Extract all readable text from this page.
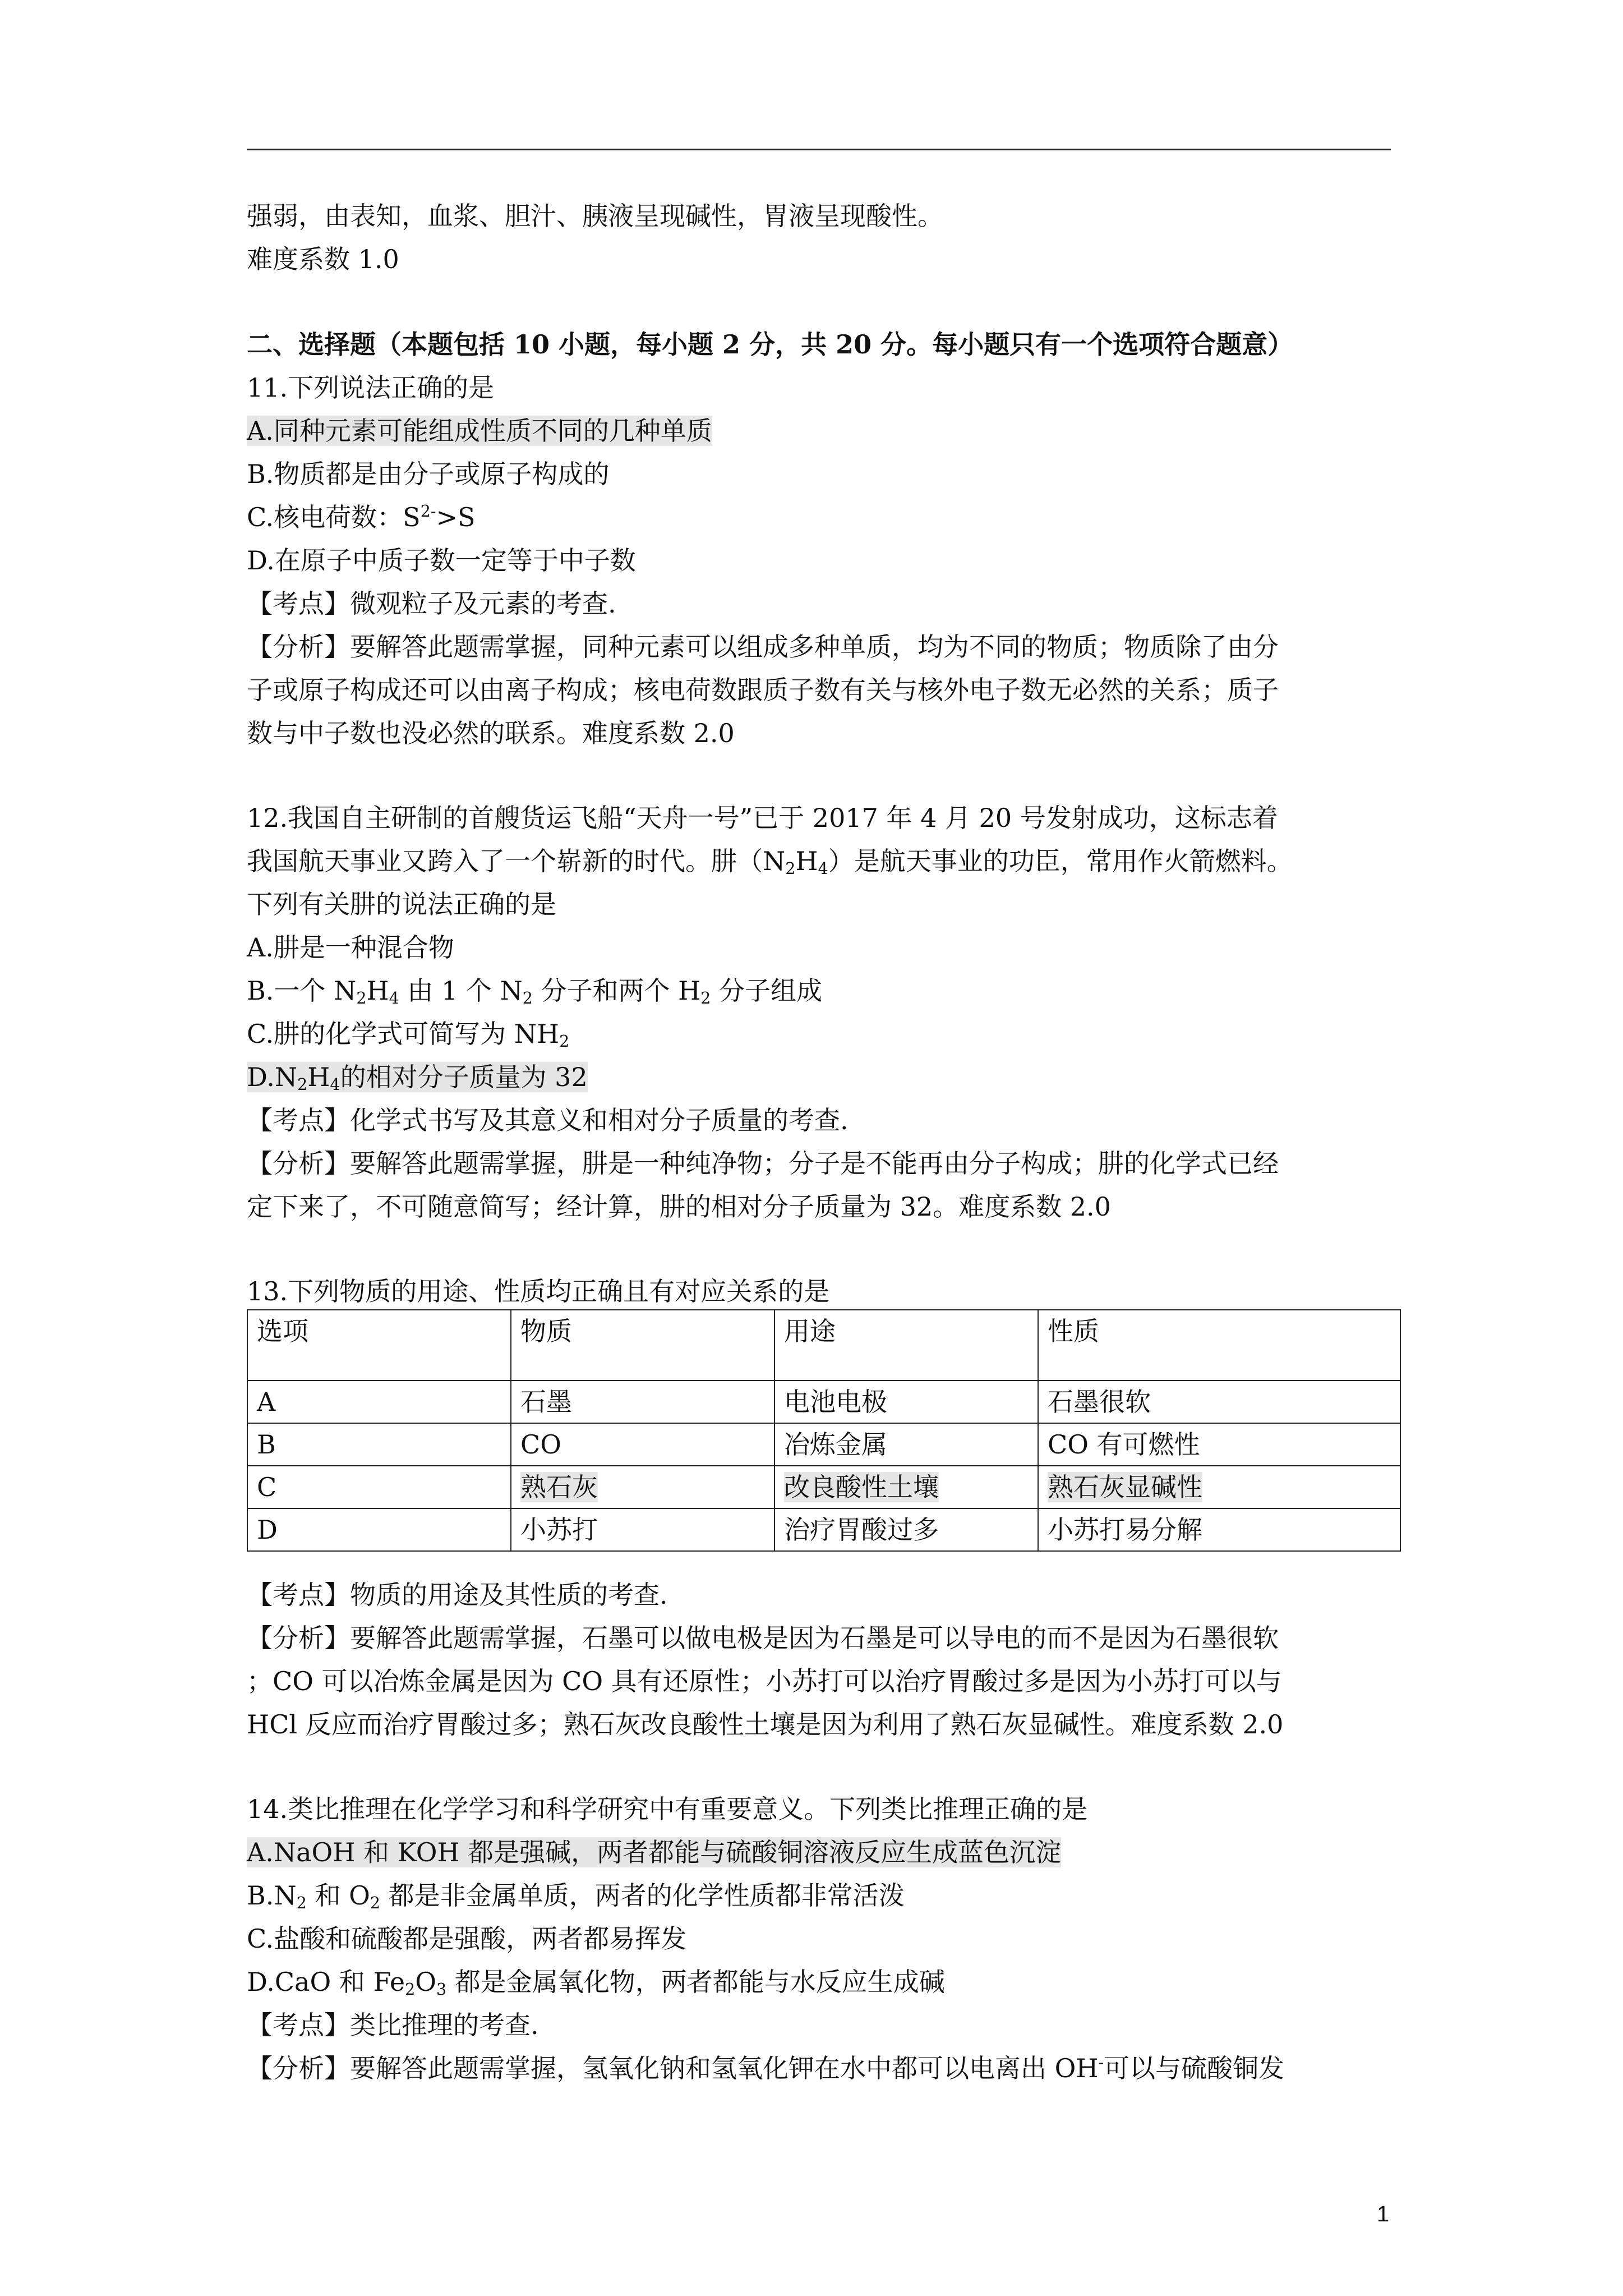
强弱，由表知，血浆、胆汁、胰液呈现碱性，胃液呈现酸性。
难度系数 1.0
二、选择题（本题包括 10 小题，每小题 2 分，共 20 分。每小题只有一个选项符合题意）
11.下列说法正确的是
A.同种元素可能组成性质不同的几种单质
B.物质都是由分子或原子构成的
C.核电荷数：$S^{2-}>S$
D.在原子中质子数一定等于中子数
【考点】微观粒子及元素的考查.
【分析】要解答此题需掌握，同种元素可以组成多种单质，均为不同的物质；物质除了由分
子或原子构成还可以由离子构成；核电荷数跟质子数有关与核外电子数无必然的关系；质子
数与中子数也没必然的联系。难度系数 2.0
12.我国自主研制的首艘货运飞船“天舟一号”已于 2017 年 4 月 20 号发射成功，这标志着
我国航天事业又跨入了一个崭新的时代。肼$(N_2H_4)$是航天事业的功臣，常用作火箭燃料。
下列有关肼的说法正确的是
A.肼是一种混合物
B.一个 $N_2H_4$ 由 1 个 $N_2$ 分子和两个 $H_2$ 分子组成
C.肼的化学式可简写为 $NH_2$
$D.N_2H_4$的相对分子质量为 32
【考点】化学式书写及其意义和相对分子质量的考查.
【分析】要解答此题需掌握，肼是一种纯净物；分子是不能再由分子构成；肼的化学式已经
定下来了，不可随意简写；经计算，肼的相对分子质量为 32。难度系数 2.0
13.下列物质的用途、性质均正确且有对应关系的是
选项	物质	用途	性质
A	石墨	电池电极	石墨很软
B	CO	冶炼金属	CO 有可燃性
C	熟石灰	改良酸性土壤	熟石灰显碱性
D	小苏打	治疗胃酸过多	小苏打易分解
【考点】物质的用途及其性质的考查.
【分析】要解答此题需掌握，石墨可以做电极是因为石墨是可以导电的而不是因为石墨很软
；CO 可以冶炼金属是因为 CO 具有还原性；小苏打可以治疗胃酸过多是因为小苏打可以与
HCl 反应而治疗胃酸过多；熟石灰改良酸性土壤是因为利用了熟石灰显碱性。难度系数 2.0
14.类比推理在化学学习和科学研究中有重要意义。下列类比推理正确的是
A.NaOH 和 KOH 都是强碱，两者都能与硫酸铜溶液反应生成蓝色沉淀
$B.N_2$ 和 $O_2$ 都是非金属单质，两者的化学性质都非常活泼
C.盐酸和硫酸都是强酸，两者都易挥发
D.CaO 和 $Fe_2O_3$ 都是金属氧化物，两者都能与水反应生成碱
【考点】类比推理的考查.
【分析】要解答此题需掌握，氢氧化钠和氢氧化钾在水中都可以电离出 OH-可以与硫酸铜发
1
